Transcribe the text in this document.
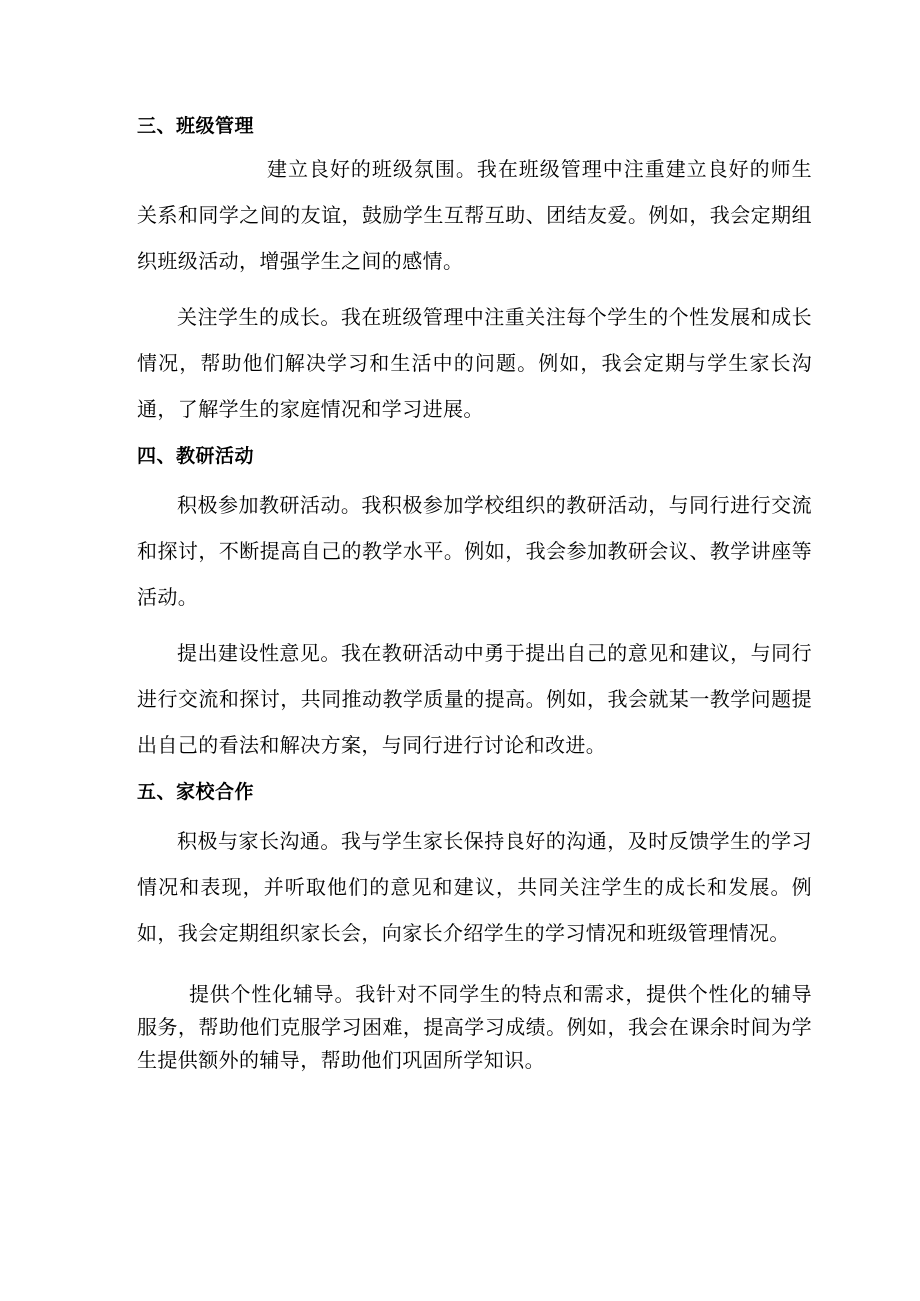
三、班级管理

建立良好的班级氛围。我在班级管理中注重建立良好的师生关系和同学之间的友谊，鼓励学生互帮互助、团结友爱。例如，我会定期组织班级活动，增强学生之间的感情。

关注学生的成长。我在班级管理中注重关注每个学生的个性发展和成长情况，帮助他们解决学习和生活中的问题。例如，我会定期与学生家长沟通，了解学生的家庭情况和学习进展。

四、教研活动

积极参加教研活动。我积极参加学校组织的教研活动，与同行进行交流和探讨，不断提高自己的教学水平。例如，我会参加教研会议、教学讲座等活动。

提出建设性意见。我在教研活动中勇于提出自己的意见和建议，与同行进行交流和探讨，共同推动教学质量的提高。例如，我会就某一教学问题提出自己的看法和解决方案，与同行进行讨论和改进。

五、家校合作

积极与家长沟通。我与学生家长保持良好的沟通，及时反馈学生的学习情况和表现，并听取他们的意见和建议，共同关注学生的成长和发展。例如，我会定期组织家长会，向家长介绍学生的学习情况和班级管理情况。

提供个性化辅导。我针对不同学生的特点和需求，提供个性化的辅导服务，帮助他们克服学习困难，提高学习成绩。例如，我会在课余时间为学生提供额外的辅导，帮助他们巩固所学知识。
